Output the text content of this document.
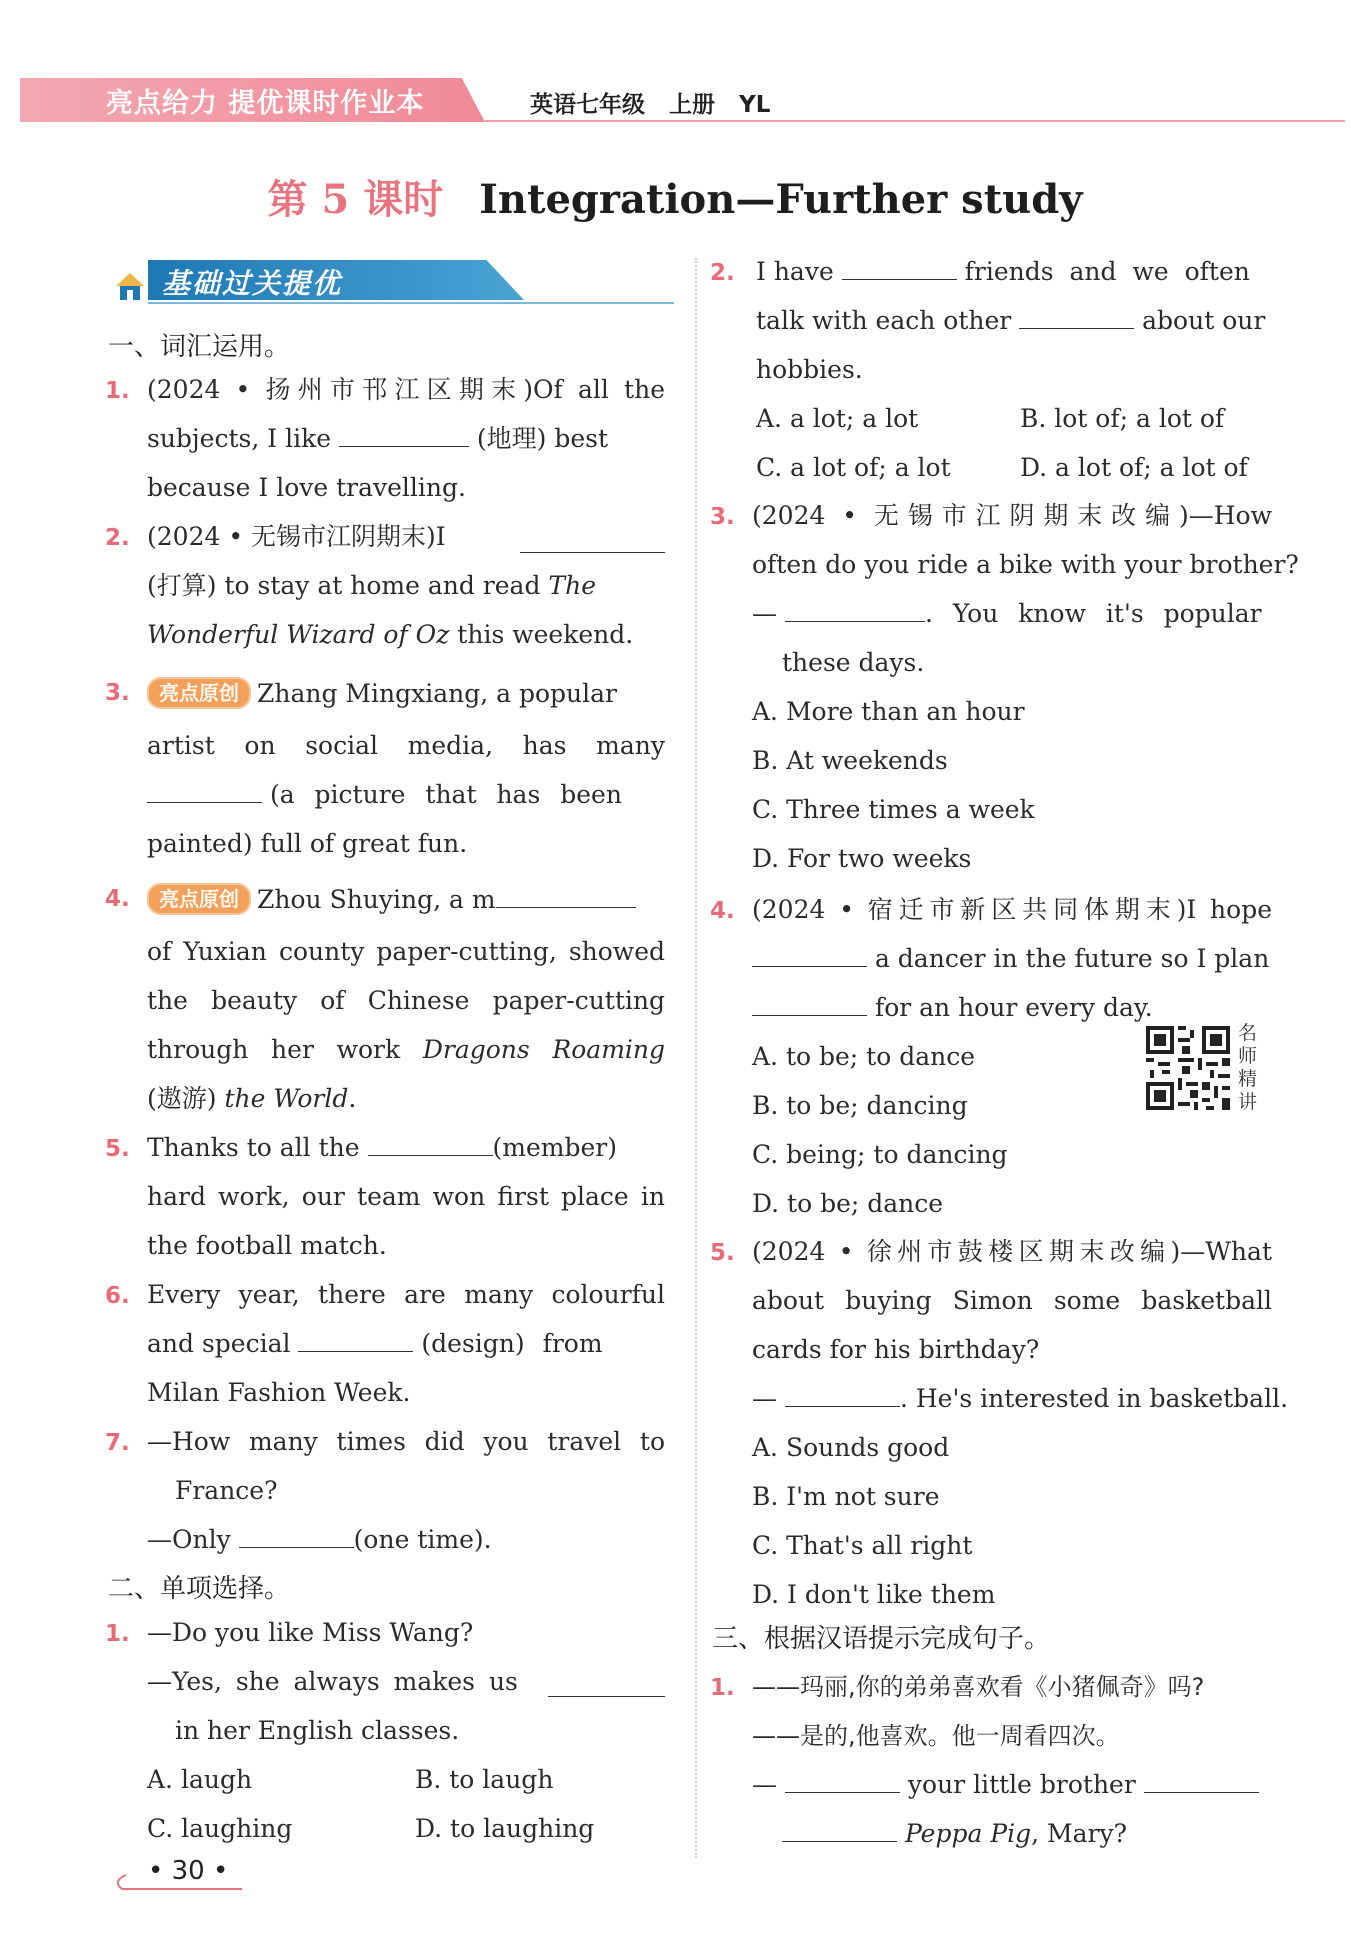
亮点给力 提优课时作业本	英语七年级   上册   YL
第 5 课时 Integration—Further study
基础过关提优
一、词汇运用。
1. (2024 • 扬州市邗江区期末)Of all the
subjects, I like	(地理) best
because I love travelling.
2. (2024 • 无锡市江阴期末)I
(打算) to stay at home and read The
Wonderful Wizard of Oz this weekend.
3.	亮点原创 Zhang Mingxiang, a popular
artist on social media, has many
(a picture that has been
painted) full of great fun.
4.	亮点原创 Zhou Shuying, a m
of Yuxian county paper-cutting, showed
the beauty of Chinese paper-cutting
through her work Dragons Roaming
(遨游) the World.
5. Thanks to all the	(member)
hard work, our team won first place in
the football match.
6. Every year, there are many colourful
and special	(design) from
Milan Fashion Week.
7. —How many times did you travel to
France?
—Only	(one time).
二、单项选择。
1. —Do you like Miss Wang?
—Yes, she always makes us
in her English classes.
A. laugh	B. to laugh
C. laughing	D. to laughing
2. I have	friends and we often
talk with each other	about our
hobbies.
A. a lot; a lot	B. lot of; a lot of
C. a lot of; a lot	D. a lot of; a lot of
3. (2024 • 无锡市江阴期末改编)—How
often do you ride a bike with your brother?
—	. You know it's popular
these days.
A. More than an hour
B. At weekends
C. Three times a week
D. For two weeks
4. (2024 • 宿迁市新区共同体期末)I hope
a dancer in the future so I plan
for an hour every day.
A. to be; to dance
B. to be; dancing
C. being; to dancing
D. to be; dance
名师精讲
5. (2024 • 徐州市鼓楼区期末改编)—What
about buying Simon some basketball
cards for his birthday?
—	. He's interested in basketball.
A. Sounds good
B. I'm not sure
C. That's all right
D. I don't like them
三、根据汉语提示完成句子。
1. ——玛丽,你的弟弟喜欢看《小猪佩奇》吗?
——是的,他喜欢。他一周看四次。
—	your little brother
Peppa Pig, Mary?
• 30 •
